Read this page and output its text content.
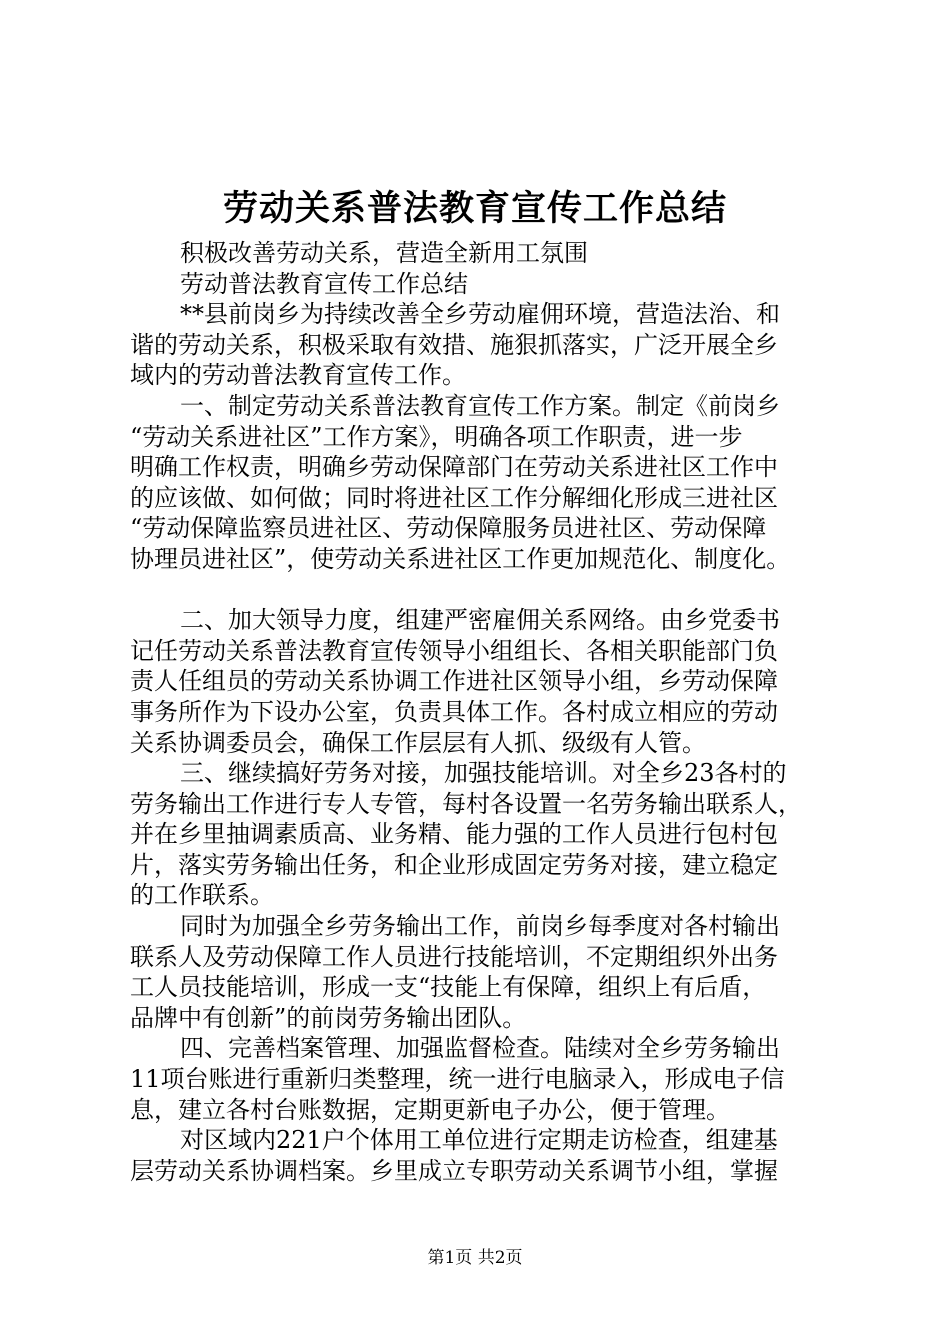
劳动关系普法教育宣传工作总结
积极改善劳动关系，营造全新用工氛围
劳动普法教育宣传工作总结
**县前岗乡为持续改善全乡劳动雇佣环境，营造法治、和
谐的劳动关系，积极采取有效措、施狠抓落实，广泛开展全乡
域内的劳动普法教育宣传工作。
一、制定劳动关系普法教育宣传工作方案。制定《前岗乡
“劳动关系进社区”工作方案》，明确各项工作职责，进一步
明确工作权责，明确乡劳动保障部门在劳动关系进社区工作中
的应该做、如何做；同时将进社区工作分解细化形成三进社区
“劳动保障监察员进社区、劳动保障服务员进社区、劳动保障
协理员进社区”，使劳动关系进社区工作更加规范化、制度化。
二、加大领导力度，组建严密雇佣关系网络。由乡党委书
记任劳动关系普法教育宣传领导小组组长、各相关职能部门负
责人任组员的劳动关系协调工作进社区领导小组，乡劳动保障
事务所作为下设办公室，负责具体工作。各村成立相应的劳动
关系协调委员会，确保工作层层有人抓、级级有人管。
三、继续搞好劳务对接，加强技能培训。对全乡23各村的
劳务输出工作进行专人专管，每村各设置一名劳务输出联系人，
并在乡里抽调素质高、业务精、能力强的工作人员进行包村包
片，落实劳务输出任务，和企业形成固定劳务对接，建立稳定
的工作联系。
同时为加强全乡劳务输出工作，前岗乡每季度对各村输出
联系人及劳动保障工作人员进行技能培训，不定期组织外出务
工人员技能培训，形成一支“技能上有保障，组织上有后盾，
品牌中有创新”的前岗劳务输出团队。
四、完善档案管理、加强监督检查。陆续对全乡劳务输出
11项台账进行重新归类整理，统一进行电脑录入，形成电子信
息，建立各村台账数据，定期更新电子办公，便于管理。
对区域内221户个体用工单位进行定期走访检查，组建基
层劳动关系协调档案。乡里成立专职劳动关系调节小组，掌握
第1页 共2页
